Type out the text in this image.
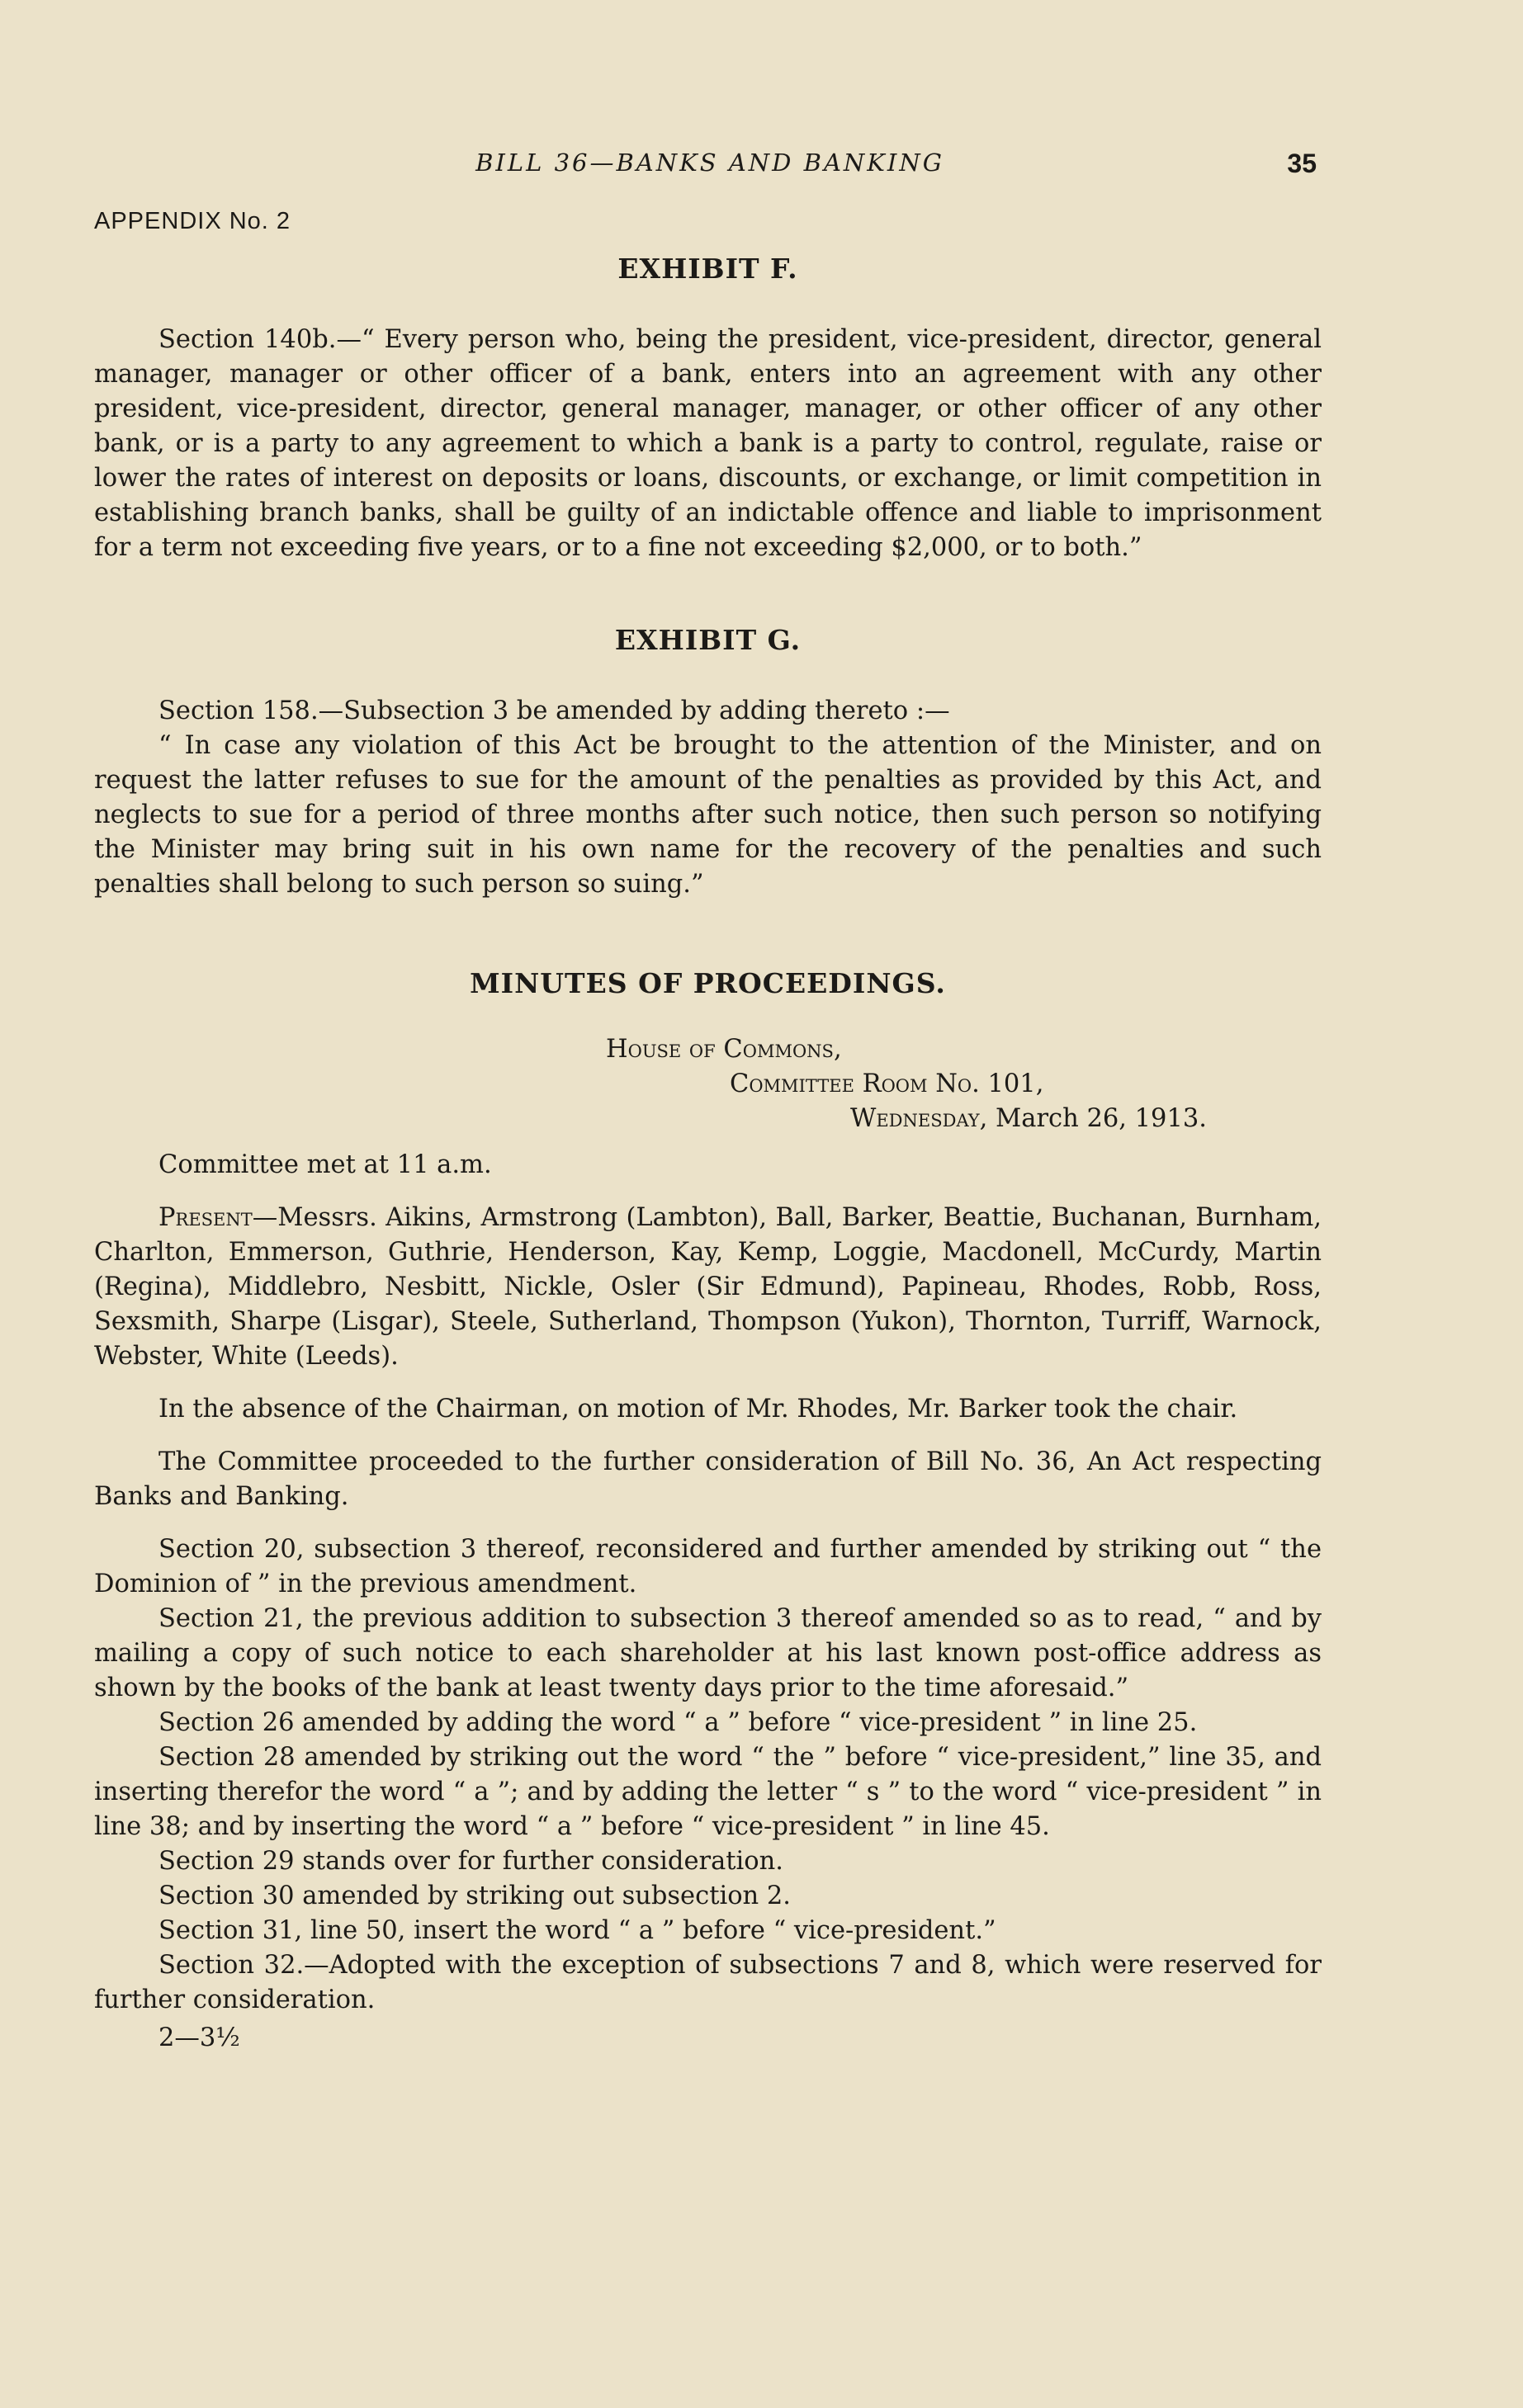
BILL 36—BANKS AND BANKING	35
APPENDIX No. 2
EXHIBIT F.

Section 140b.—“ Every person who, being the president, vice-president, director, general manager, manager or other officer of a bank, enters into an agreement with any other president, vice-president, director, general manager, manager, or other officer of any other bank, or is a party to any agreement to which a bank is a party to control, regulate, raise or lower the rates of interest on deposits or loans, discounts, or exchange, or limit competition in establishing branch banks, shall be guilty of an indictable offence and liable to imprisonment for a term not exceeding five years, or to a fine not exceeding $2,000, or to both.”

EXHIBIT G.

Section 158.—Subsection 3 be amended by adding thereto :—

“ In case any violation of this Act be brought to the attention of the Minister, and on request the latter refuses to sue for the amount of the penalties as provided by this Act, and neglects to sue for a period of three months after such notice, then such person so notifying the Minister may bring suit in his own name for the recovery of the penalties and such penalties shall belong to such person so suing.”

MINUTES OF PROCEEDINGS.
House of Commons,
Committee Room No. 101,
Wednesday, March 26, 1913.

Committee met at 11 a.m.

Present—Messrs. Aikins, Armstrong (Lambton), Ball, Barker, Beattie, Buchanan, Burnham, Charlton, Emmerson, Guthrie, Henderson, Kay, Kemp, Loggie, Macdonell, McCurdy, Martin (Regina), Middlebro, Nesbitt, Nickle, Osler (Sir Edmund), Papineau, Rhodes, Robb, Ross, Sexsmith, Sharpe (Lisgar), Steele, Sutherland, Thompson (Yukon), Thornton, Turriff, Warnock, Webster, White (Leeds).

In the absence of the Chairman, on motion of Mr. Rhodes, Mr. Barker took the chair.

The Committee proceeded to the further consideration of Bill No. 36, An Act respecting Banks and Banking.

Section 20, subsection 3 thereof, reconsidered and further amended by striking out “ the Dominion of ” in the previous amendment.

Section 21, the previous addition to subsection 3 thereof amended so as to read, “ and by mailing a copy of such notice to each shareholder at his last known post-office address as shown by the books of the bank at least twenty days prior to the time aforesaid.”

Section 26 amended by adding the word “ a ” before “ vice-president ” in line 25.

Section 28 amended by striking out the word “ the ” before “ vice-president,” line 35, and inserting therefor the word “ a ”; and by adding the letter “ s ” to the word “ vice-president ” in line 38; and by inserting the word “ a ” before “ vice-president ” in line 45.

Section 29 stands over for further consideration.

Section 30 amended by striking out subsection 2.

Section 31, line 50, insert the word “ a ” before “ vice-president.”

Section 32.—Adopted with the exception of subsections 7 and 8, which were reserved for further consideration.

2—3½
